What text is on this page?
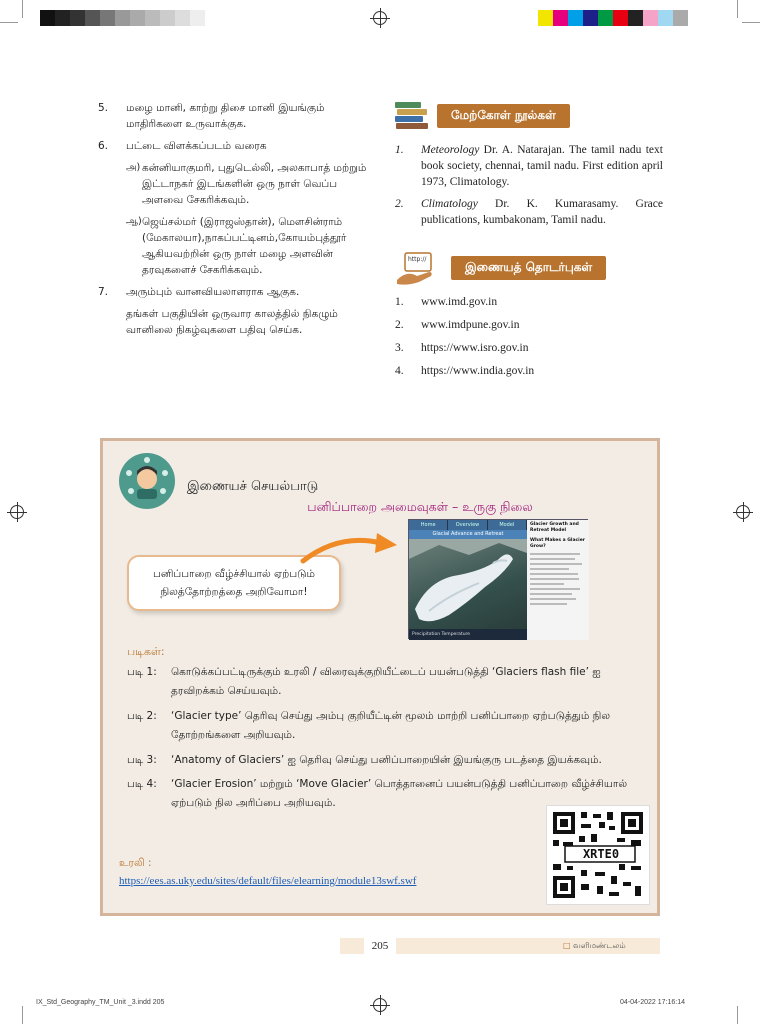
5.	மழை மானி, காற்று திசை மானி இயங்கும் மாதிரிகளை உருவாக்குக.
6.	பட்டை விளக்கப்படம் வரைக
அ) கன்னியாகுமரி, புதுடெல்லி, அலகாபாத் மற்றும் இட்டாநகர் இடங்களின் ஒரு நாள் வெப்ப அளவை சேகரிக்கவும்.
ஆ) ஜெய்சல்மர் (இராஜஸ்தான்), மௌசின்ராம் (மேகாலயா),நாகப்பட்டினம்,கோயம்புத்தூர் ஆகியவற்றின் ஒரு நாள் மழை அளவின் தரவுகளைச் சேகரிக்கவும்.
7.	அரும்பும் வானவியலாளராக ஆகுக.
தங்கள் பகுதியின் ஒருவார காலத்தில் நிகழும் வானிலை நிகழ்வுகளை பதிவு செய்க.
மேற்கோள் நூல்கள்
1.	Meteorology Dr. A. Natarajan. The tamil nadu text book society, chennai, tamil nadu. First edition april 1973, Climatology.
2.	Climatology Dr. K. Kumarasamy. Grace publications, kumbakonam, Tamil nadu.
http://
இணையத் தொடர்புகள்
1.	www.imd.gov.in
2.	www.imdpune.gov.in
3.	https://www.isro.gov.in
4.	https://www.india.gov.in
இணையச் செயல்பாடு
பனிப்பாறை அமைவுகள் – உருகு நிலை
பனிப்பாறை வீழ்ச்சியால் ஏற்படும்
நிலத்தோற்றத்தை அறிவோமா!
Home	Overview	Model
Glacial Advance and Retreat
Glacier Growth and Retreat Model
What Makes a Glacier Grow?
Precipitation Temperature
படிகள்:
படி 1:	கொடுக்கப்பட்டிருக்கும் உரலி / விரைவுக்குறியீட்டைப் பயன்படுத்தி ‘Glaciers flash file’ ஐ தரவிறக்கம் செய்யவும்.
படி 2:	‘Glacier type’ தெரிவு செய்து அம்பு குறியீட்டின் மூலம் மாற்றி பனிப்பாறை ஏற்படுத்தும் நில தோற்றங்களை அறியவும்.
படி 3:	‘Anatomy of Glaciers’ ஐ தெரிவு செய்து பனிப்பாறையின் இயங்குரு படத்தை இயக்கவும்.
படி 4:	‘Glacier Erosion’ மற்றும் ‘Move Glacier’ பொத்தானைப் பயன்படுத்தி பனிப்பாறை வீழ்ச்சியால் ஏற்படும் நில அரிப்பை அறியவும்.
XRTE0
உரலி :
https://ees.as.uky.edu/sites/default/files/elearning/module13swf.swf
205	□ வளிமண்டலம்
IX_Std_Geography_TM_Unit _3.indd 205	04-04-2022 17:16:14
